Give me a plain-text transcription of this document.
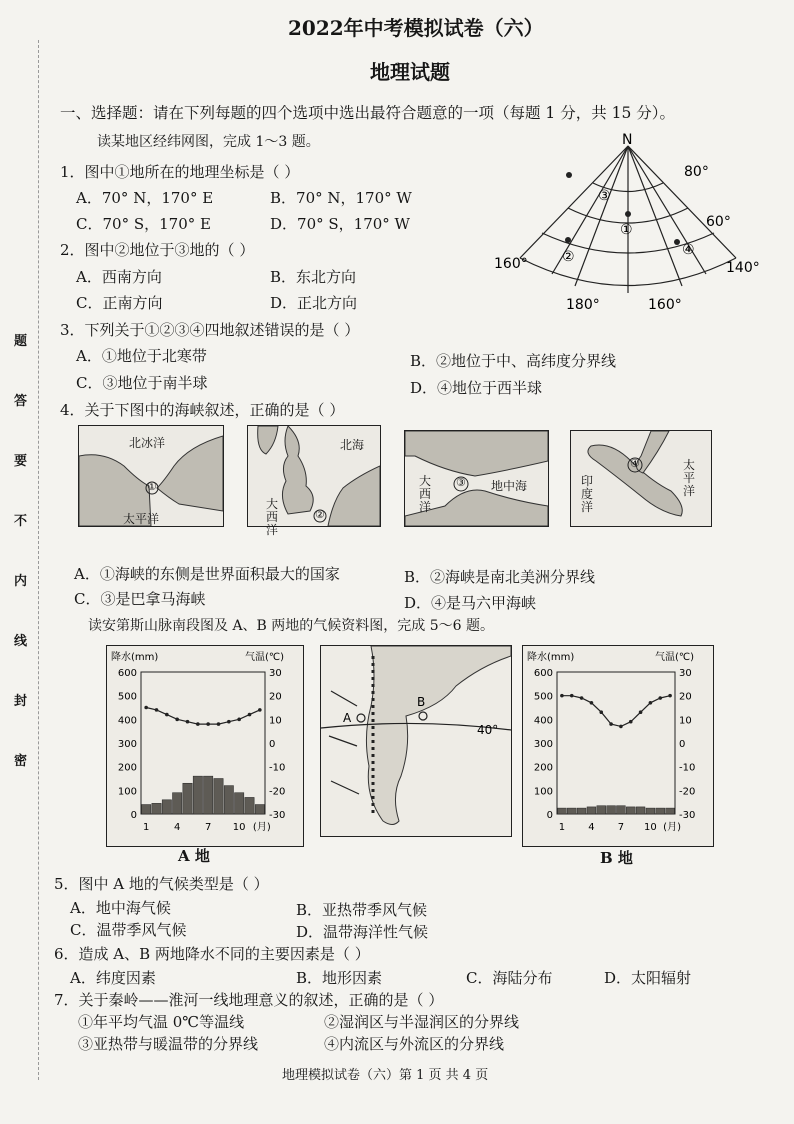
题
答
要
不
内
线
封
密
2022年中考模拟试卷（六）
地理试题
一、选择题：请在下列每题的四个选项中选出最符合题意的一项（每题 1 分，共 15 分）。
读某地区经纬网图，完成 1～3 题。
1．图中①地所在的地理坐标是（ ）
A．70° N，170° E	B．70° N，170° W
C．70° S，170° E	D．70° S，170° W
2．图中②地位于③地的（ ）
A．西南方向	B．东北方向
C．正南方向	D．正北方向
3．下列关于①②③④四地叙述错误的是（ ）
A．①地位于北寒带	B．②地位于中、高纬度分界线
C．③地位于南半球	D．④地位于西半球
N
80°
60°
160°
180°	160°
140°
①
②
③
④
4．关于下图中的海峡叙述，正确的是（ ）
北冰洋
太平洋
①
北海
大西洋
②
大西洋
地中海
③	印度洋
太平洋
④
A．①海峡的东侧是世界面积最大的国家	B．②海峡是南北美洲分界线
C．③是巴拿马海峡	D．④是马六甲海峡
读安第斯山脉南段图及 A、B 两地的气候资料图，完成 5～6 题。
600
500
400
300
200
100
0
30
20
10
0
-10
-20
-30
降水(mm)	气温(℃)
1 4 7 10 (月)
A 地
A
B
40°
600
500
400
300
200
100
0
30
20
10
0
-10
-20
-30
降水(mm)	气温(℃)
1 4 7 10 (月)
B 地
5．图中 A 地的气候类型是（ ）
A．地中海气候	B．亚热带季风气候
C．温带季风气候	D．温带海洋性气候
6．造成 A、B 两地降水不同的主要因素是（ ）
A．纬度因素	B．地形因素	C．海陆分布	D．太阳辐射
7．关于秦岭——淮河一线地理意义的叙述，正确的是（ ）
①年平均气温 0℃等温线	②湿润区与半湿润区的分界线
③亚热带与暖温带的分界线	④内流区与外流区的分界线
地理模拟试卷（六）第 1 页 共 4 页
